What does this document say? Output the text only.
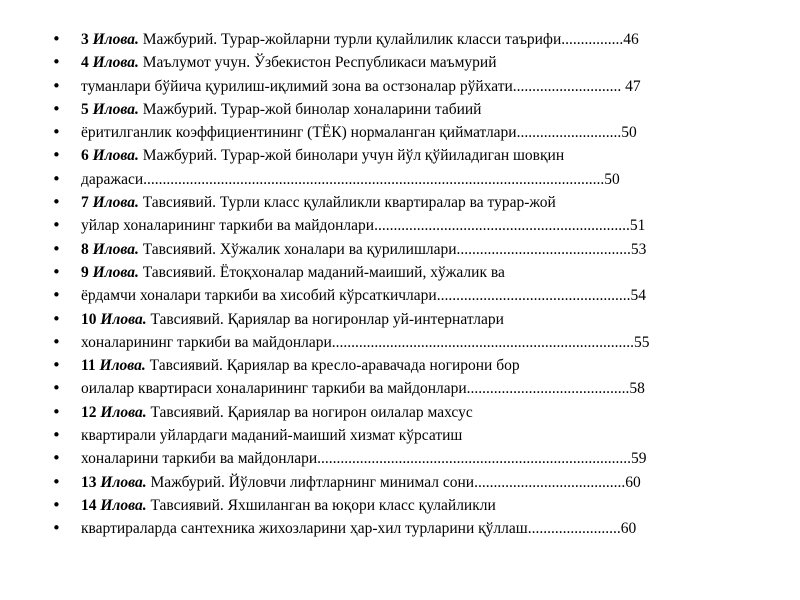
• 3 Илова. Мажбурий. Турар-жойларни турли қулайлилик класси таърифи................46
• 4 Илова. Маълумот учун. Ўзбекистон Республикаси маъмурий
• туманлари бўйича қурилиш-иқлимий зона ва остзоналар рўйхати............................ 47
• 5 Илова. Мажбурий. Турар-жой бинолар хоналарини табиий
• ёритилганлик коэффициентининг (ТЁК) нормаланган қийматлари...........................50
• 6 Илова. Мажбурий. Турар-жой бинолари учун йўл қўйиладиган шовқин
• даражаси.......................................................................................................................50
• 7 Илова. Тавсиявий. Турли класс қулайликли квартиралар ва турар-жой
• уйлар хоналарининг таркиби ва майдонлари..................................................................51
• 8 Илова. Тавсиявий. Хўжалик хоналари ва қурилишлари.............................................53
• 9 Илова. Тавсиявий. Ётоқхоналар маданий-маиший, хўжалик ва
• ёрдамчи хоналари таркиби ва хисобий кўрсаткичлари..................................................54
• 10 Илова. Тавсиявий. Қариялар ва ногиронлар уй-интернатлари
• хоналарининг таркиби ва майдонлари..............................................................................55
• 11 Илова. Тавсиявий. Қариялар ва кресло-аравачада ногирони бор
• оилалар квартираси хоналарининг таркиби ва майдонлари..........................................58
• 12 Илова. Тавсиявий. Қариялар ва ногирон оилалар махсус
• квартирали уйлардаги маданий-маиший хизмат кўрсатиш
• хоналарини таркиби ва майдонлари.................................................................................59
• 13 Илова. Мажбурий. Йўловчи лифтларнинг минимал сони.......................................60
• 14 Илова. Тавсиявий. Яхшиланган ва юқори класс қулайликли
• квартираларда сантехника жихозларини ҳар-хил турларини қўллаш........................60
